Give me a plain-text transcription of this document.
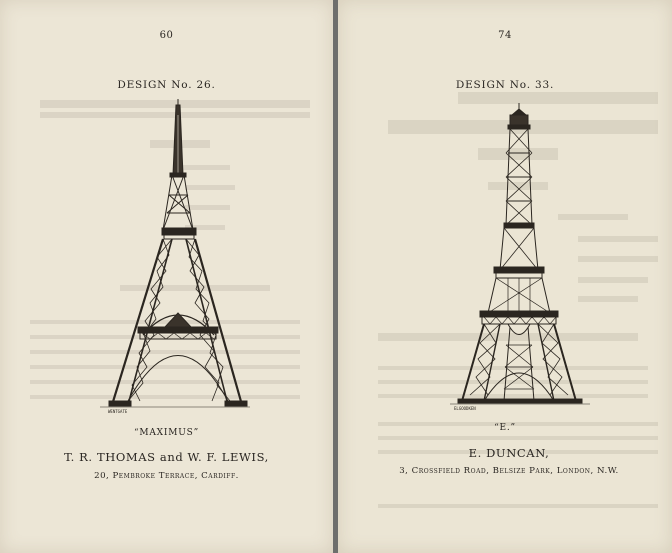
60
DESIGN No. 26.
WENTGATE
“MAXIMUS”
T. R. THOMAS and W. F. LEWIS,
20, Pembroke Terrace, Cardiff.
74
DESIGN No. 33.
ELGOODKEN
“E.”
E. DUNCAN,
3, Crossfield Road, Belsize Park, London, N.W.
